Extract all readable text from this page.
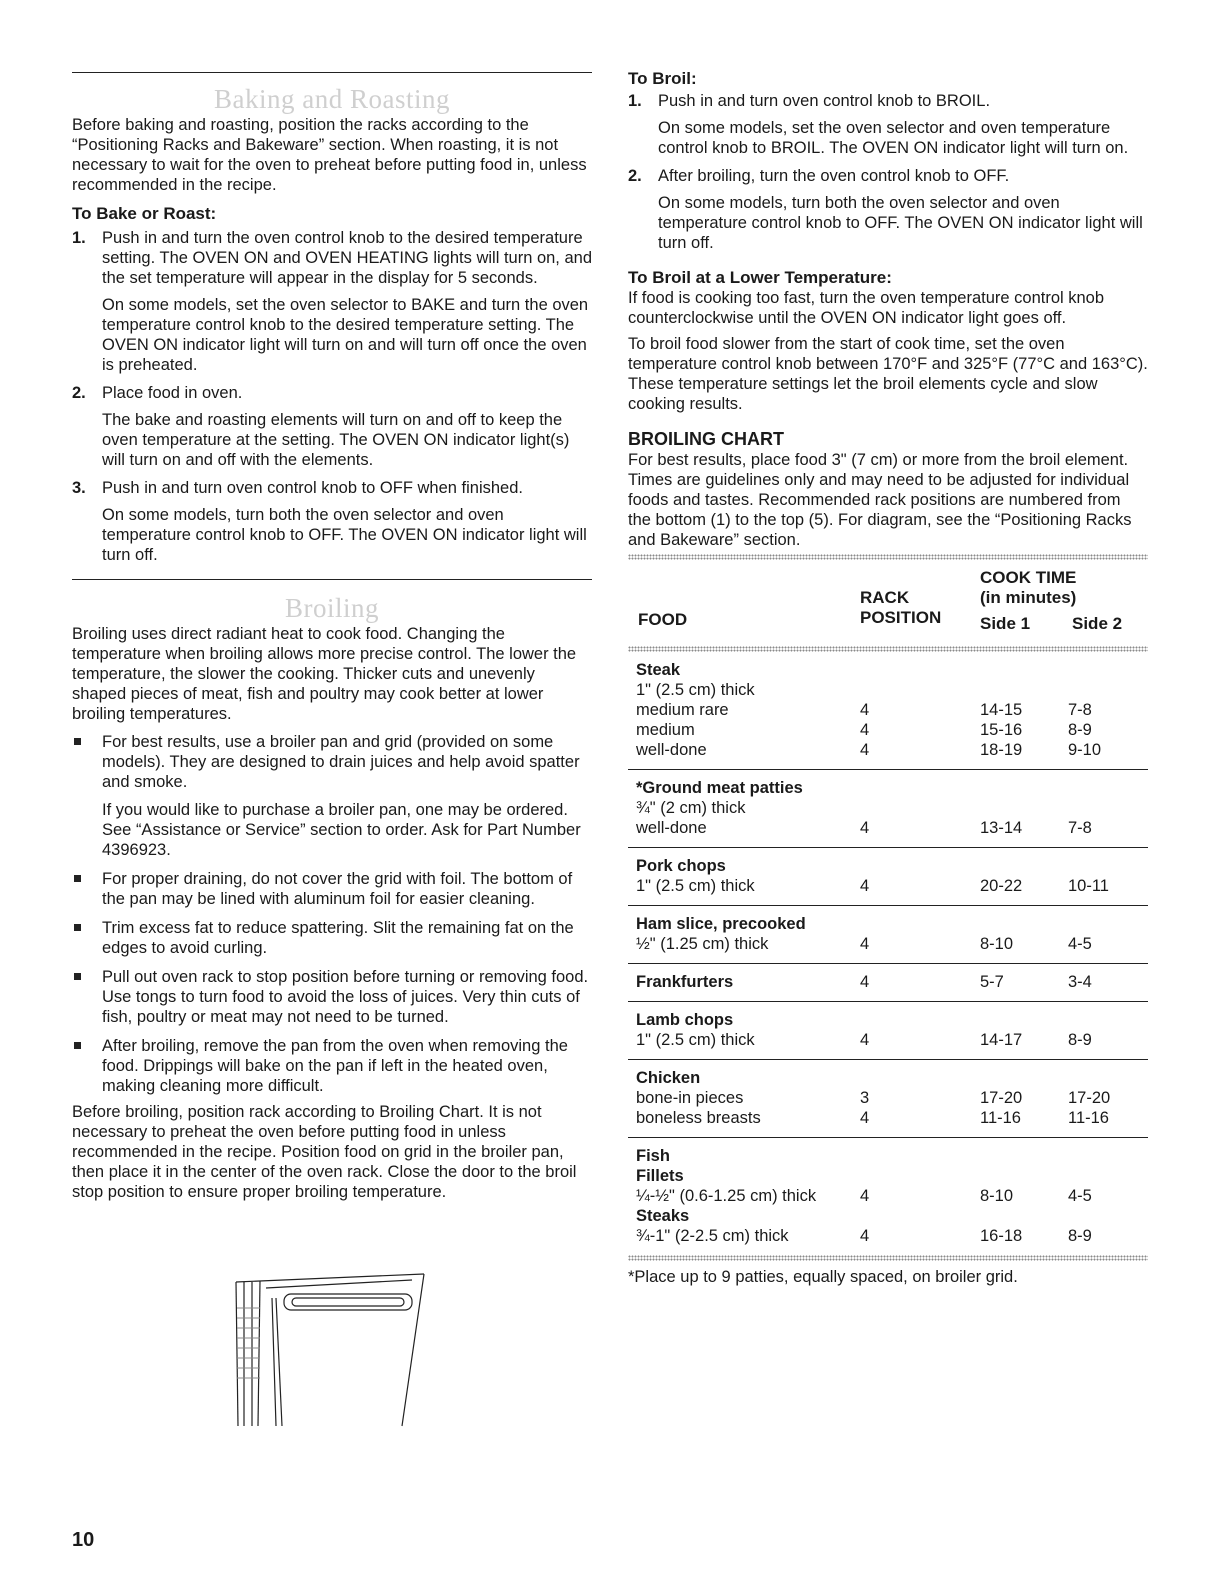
Baking and Roasting

Before baking and roasting, position the racks according to the “Positioning Racks and Bakeware” section. When roasting, it is not necessary to wait for the oven to preheat before putting food in, unless recommended in the recipe.

To Bake or Roast:
1. Push in and turn the oven control knob to the desired temperature setting. The OVEN ON and OVEN HEATING lights will turn on, and the set temperature will appear in the display for 5 seconds.

On some models, set the oven selector to BAKE and turn the oven temperature control knob to the desired temperature setting. The OVEN ON indicator light will turn on and will turn off once the oven is preheated.

2. Place food in oven.

The bake and roasting elements will turn on and off to keep the oven temperature at the setting. The OVEN ON indicator light(s) will turn on and off with the elements.

3. Push in and turn oven control knob to OFF when finished.

On some models, turn both the oven selector and oven temperature control knob to OFF. The OVEN ON indicator light will turn off.

Broiling

Broiling uses direct radiant heat to cook food. Changing the temperature when broiling allows more precise control. The lower the temperature, the slower the cooking. Thicker cuts and unevenly shaped pieces of meat, fish and poultry may cook better at lower broiling temperatures.

For best results, use a broiler pan and grid (provided on some models). They are designed to drain juices and help avoid spatter and smoke.

If you would like to purchase a broiler pan, one may be ordered. See “Assistance or Service” section to order. Ask for Part Number 4396923.

For proper draining, do not cover the grid with foil. The bottom of the pan may be lined with aluminum foil for easier cleaning.

Trim excess fat to reduce spattering. Slit the remaining fat on the edges to avoid curling.

Pull out oven rack to stop position before turning or removing food. Use tongs to turn food to avoid the loss of juices. Very thin cuts of fish, poultry or meat may not need to be turned.

After broiling, remove the pan from the oven when removing the food. Drippings will bake on the pan if left in the heated oven, making cleaning more difficult.

Before broiling, position rack according to Broiling Chart. It is not necessary to preheat the oven before putting food in unless recommended in the recipe. Position food on grid in the broiler pan, then place it in the center of the oven rack. Close the door to the broil stop position to ensure proper broiling temperature.

To Broil:
1. Push in and turn oven control knob to BROIL.

On some models, set the oven selector and oven temperature control knob to BROIL. The OVEN ON indicator light will turn on.

2. After broiling, turn the oven control knob to OFF.

On some models, turn both the oven selector and oven temperature control knob to OFF. The OVEN ON indicator light will turn off.

To Broil at a Lower Temperature:

If food is cooking too fast, turn the oven temperature control knob counterclockwise until the OVEN ON indicator light goes off.

To broil food slower from the start of cook time, set the oven temperature control knob between 170°F and 325°F (77°C and 163°C). These temperature settings let the broil elements cycle and slow cooking results.

BROILING CHART

For best results, place food 3" (7 cm) or more from the broil element. Times are guidelines only and may need to be adjusted for individual foods and tastes. Recommended rack positions are numbered from the bottom (1) to the top (5). For diagram, see the “Positioning Racks and Bakeware” section.

FOOD
RACK
POSITION
COOK TIME
(in minutes)
Side 1 Side 2
Steak
1" (2.5 cm) thick
medium rare	4	14-15	7-8
medium	4	15-16	8-9
well-done	4	18-19	9-10
*Ground meat patties
¾" (2 cm) thick
well-done	4	13-14	7-8
Pork chops
1" (2.5 cm) thick	4	20-22	10-11
Ham slice, precooked
½" (1.25 cm) thick	4	8-10	4-5
Frankfurters	4	5-7	3-4
Lamb chops
1" (2.5 cm) thick	4	14-17	8-9
Chicken
bone-in pieces	3	17-20	17-20
boneless breasts	4	11-16	11-16
Fish
Fillets
¼-½" (0.6-1.25 cm) thick	4	8-10	4-5
Steaks
¾-1" (2-2.5 cm) thick	4	16-18	8-9

*Place up to 9 patties, equally spaced, on broiler grid.

10
